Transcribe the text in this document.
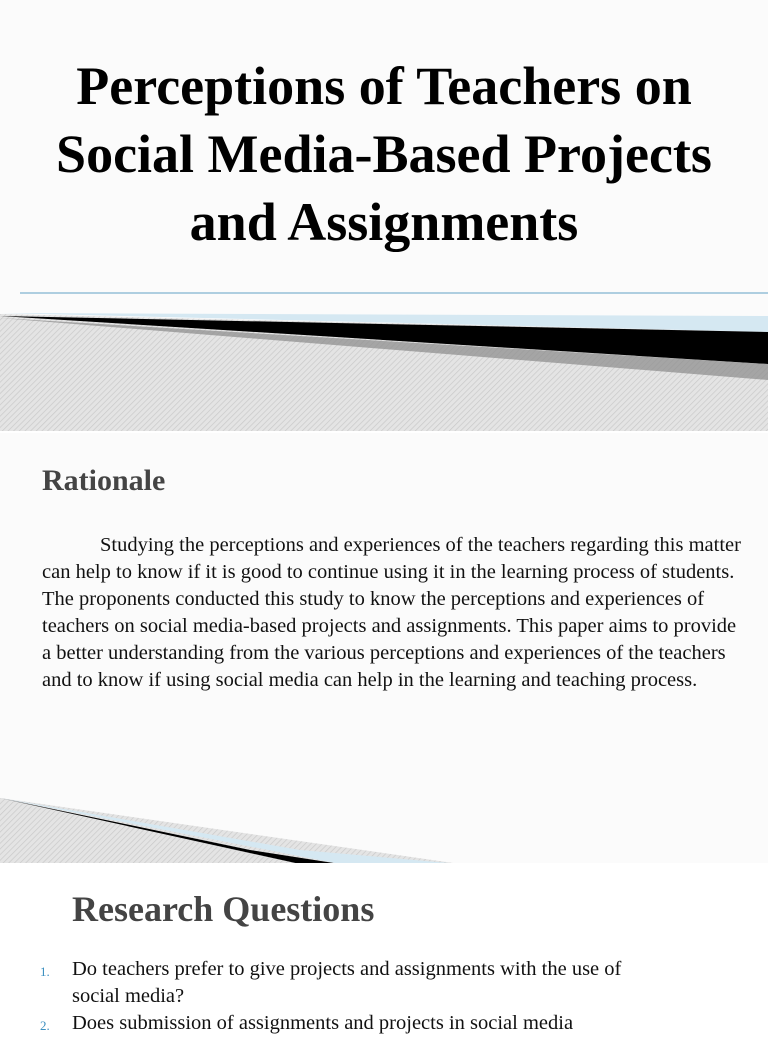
Perceptions of Teachers on Social Media-Based Projects and Assignments
Rationale

Studying the perceptions and experiences of the teachers regarding this matter can help to know if it is good to continue using it in the learning process of students. The proponents conducted this study to know the perceptions and experiences of teachers on social media-based projects and assignments. This paper aims to provide a better understanding from the various perceptions and experiences of the teachers and to know if using social media can help in the learning and teaching process.

Research Questions
1. Do teachers prefer to give projects and assignments with the use of social media?
2. Does submission of assignments and projects in social media
